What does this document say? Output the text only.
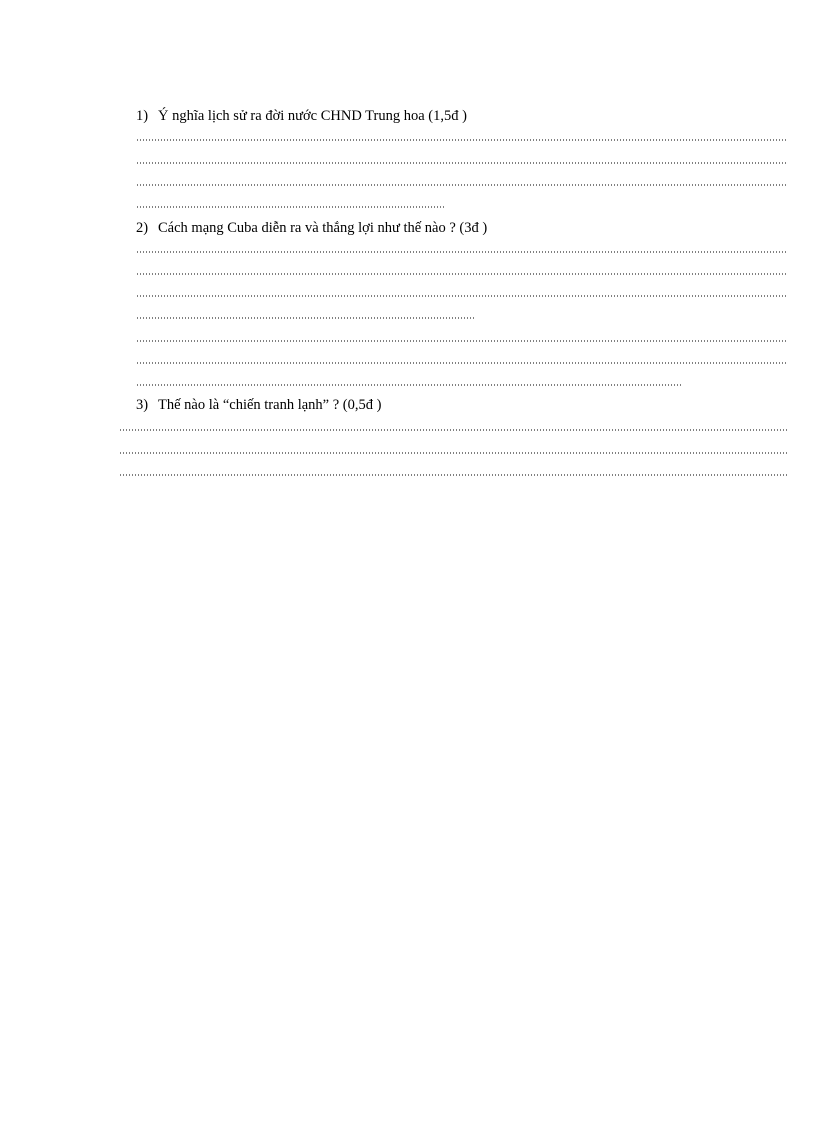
1) Ý nghĩa lịch sử ra đời nước CHND Trung hoa (1,5đ )
2) Cách mạng Cuba diễn ra và thắng lợi như thế nào ? (3đ )
3) Thế nào là “chiến tranh lạnh” ? (0,5đ )
